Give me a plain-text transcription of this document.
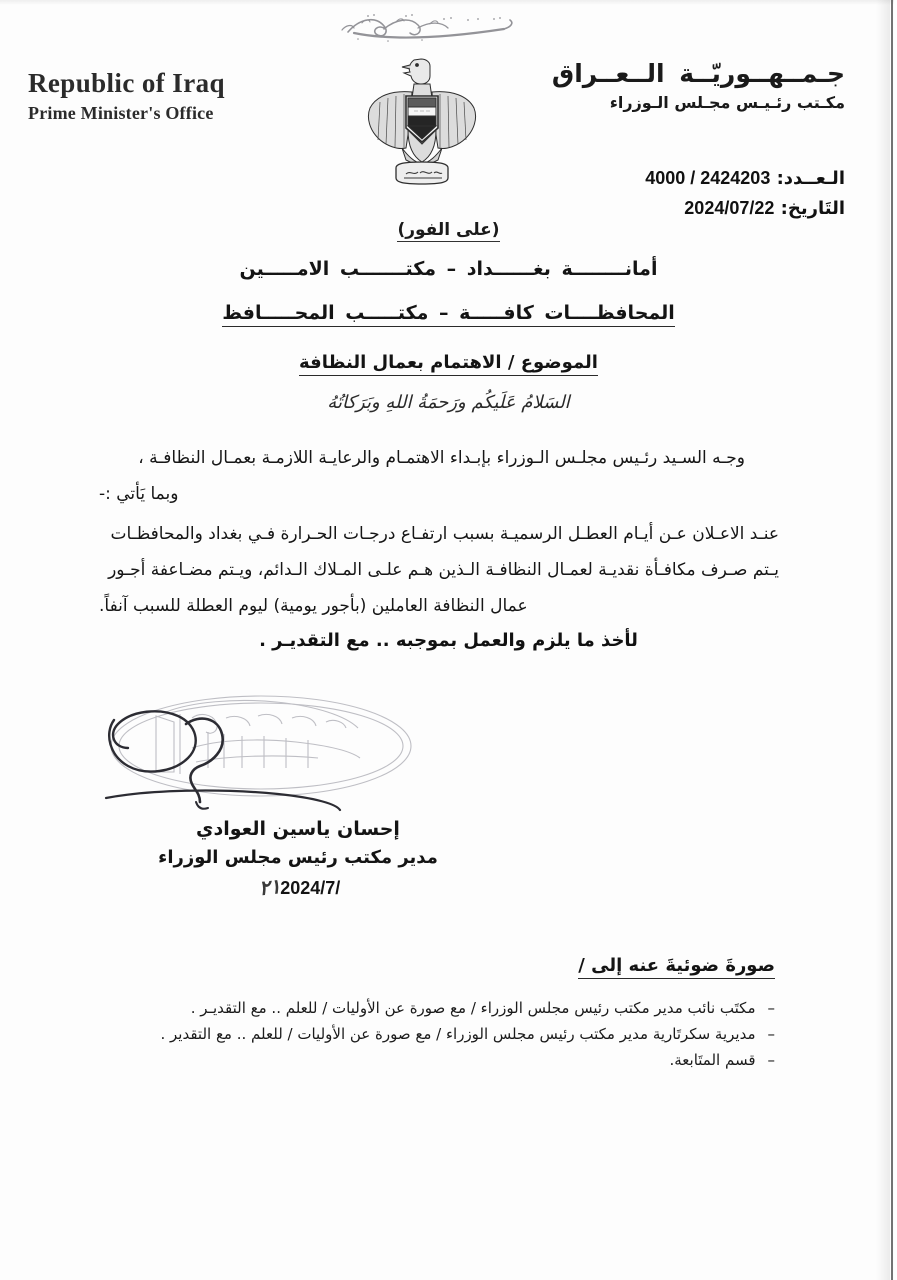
Republic of Iraq
Prime Minister's Office
جـمــهــوريّــة الــعــراق
مكـتب رئـيـس مجـلس الـوزراء
الـعــدد: 2424203 / 4000
التَاريخ: 2024/07/22
(على الفور)
أمانــــــــة بغــــــداد – مكتـــــــب الامـــــين
المحافظــــات كافـــــة – مكتـــــب المحـــــافظ
الموضوع / الاهتمام بعمال النظافة
السَلامُ عَلَيكُم ورَحمَةُ اللهِ وبَرَكاتُهُ

وجـه السـيد رئـيس مجلـس الـوزراء بإبـداء الاهتمـام والرعايـة اللازمـة بعمـال النظافـة ،

وبما يَأتي :-

عنـد الاعـلان عـن أيـام العطـل الرسميـة بسبب ارتفـاع درجـات الحـرارة فـي بغداد والمحافظـات

يـتم صـرف مكافـأة نقديـة لعمـال النظافـة الـذين هـم علـى المـلاك الـدائم، ويـتم مضـاعفة أجـور

عمال النظافة العاملين (بأجور يومية) ليوم العطلة للسبب آنفاً.

لأخذ ما يلزم والعمل بموجبه .. مع التقديـر .
إحسان ياسين العوادي
مدير مكتب رئيس مجلس الوزراء
2024/7/٢١
صورةَ ضوئيةَ عنه إلى /
–
مكتَب نائب مدير مكتب رئيس مجلس الوزراء / مع صورة عن الأوليات / للعلم .. مع التقديـر .
–
مديرية سكرتَارية مدير مكتب رئيس مجلس الوزراء / مع صورة عن الأوليات / للعلم .. مع التقدير .
–
قسم المتَابعة.
